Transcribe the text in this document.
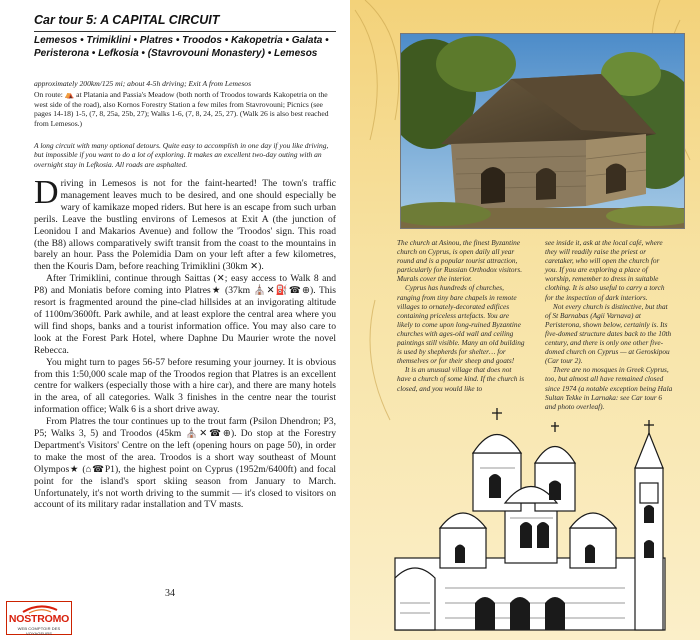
Car tour 5: A CAPITAL CIRCUIT
Lemesos • Trimiklini • Platres • Troodos • Kakopetria • Galata • Peristerona • Lefkosia • (Stavrovouni Monastery) • Lemesos
approximately 200km/125 mi; about 4-5h driving; Exit A from Lemesos
On route: ⛺ at Platania and Passia's Meadow (both north of Troodos towards Kakopetria on the west side of the road), also Kornos Forestry Station a few miles from Stavrovouni; Picnics (see pages 14-18) 1-5, (7, 8, 25a, 25b, 27); Walks 1-6, (7, 8, 24, 25, 27). (Walk 26 is also best reached from Lemesos.)
A long circuit with many optional detours. Quite easy to accomplish in one day if you like driving, but impossible if you want to do a lot of exploring. It makes an excellent two-day outing with an overnight stay in Lefkosia. All roads are asphalted.

Driving in Lemesos is not for the faint-hearted! The town's traffic management leaves much to be desired, and one should especially be wary of kamikaze moped riders. But here is an escape from such urban perils. Leave the bustling environs of Lemesos at Exit A (the junction of Leonidou I and Makarios Avenue) and follow the 'Troodos' sign. This road (the B8) allows comparatively swift transit from the coast to the mountains in barely an hour. Pass the Polemidia Dam on your left after a few kilometres, then the Kouris Dam, before reaching Trimiklini (30km ✕).

After Trimiklini, continue through Saittas (✕; easy access to Walk 8 and P8) and Moniatis before coming into Platres★ (37km ⛪✕⛽☎⊕). This resort is fragmented around the pine-clad hillsides at an invigorating altitude of 1100m/3600ft. Park awhile, and at least explore the central area where you will find shops, banks and a tourist information office. You may also care to look at the Forest Park Hotel, where Daphne Du Maurier wrote the novel Rebecca.

You might turn to pages 56-57 before resuming your journey. It is obvious from this 1:50,000 scale map of the Troodos region that Platres is an excellent centre for walkers (especially those with a hire car), and there are many hotels in the area, of all categories. Walk 3 finishes in the centre near the tourist information office; Walk 6 is a short drive away.

From Platres the tour continues up to the trout farm (Psilon Dhendron; P3, P5; Walks 3, 5) and Troodos (45km ⛪✕☎⊕). Do stop at the Forestry Department's Visitors' Centre on the left (opening hours on page 50), in order to make the most of the area. Troodos is a short way southeast of Mount Olympos★ (⌂☎P1), the highest point on Cyprus (1952m/6400ft) and focal point for the island's sport skiing season from January to March. Unfortunately, it's not worth driving to the summit — it's closed to visitors on account of its military radar installation and TV masts.

34
NOSTROMO
WEB COMPTOIR DES VOYAGEURS

The church at Asinou, the finest Byzantine church on Cyprus, is open daily all year round and is a popular tourist attraction, particularly for Russian Orthodox visitors. Murals cover the interior.

Cyprus has hundreds of churches, ranging from tiny bare chapels in remote villages to ornately-decorated edifices containing priceless artefacts. You are likely to come upon long-ruined Byzantine churches with ages-old wall and ceiling paintings still visible. Many an old building is used by shepherds for shelter… for themselves or for their sheep and goats!

It is an unusual village that does not have a church of some kind. If the church is closed, and you would like to

see inside it, ask at the local café, where they will readily raise the priest or caretaker, who will open the church for you. If you are exploring a place of worship, remember to dress in suitable clothing. It is also useful to carry a torch for the inspection of dark interiors.

Not every church is distinctive, but that of St Barnabas (Agii Varnava) at Peristerona, shown below, certainly is. Its five-domed structure dates back to the 10th century, and there is only one other five-domed church on Cyprus — at Geroskipou (Car tour 2).

There are no mosques in Greek Cyprus, too, but almost all have remained closed since 1974 (a notable exception being Hala Sultan Tekke in Larnaka: see Car tour 6 and photo overleaf).
